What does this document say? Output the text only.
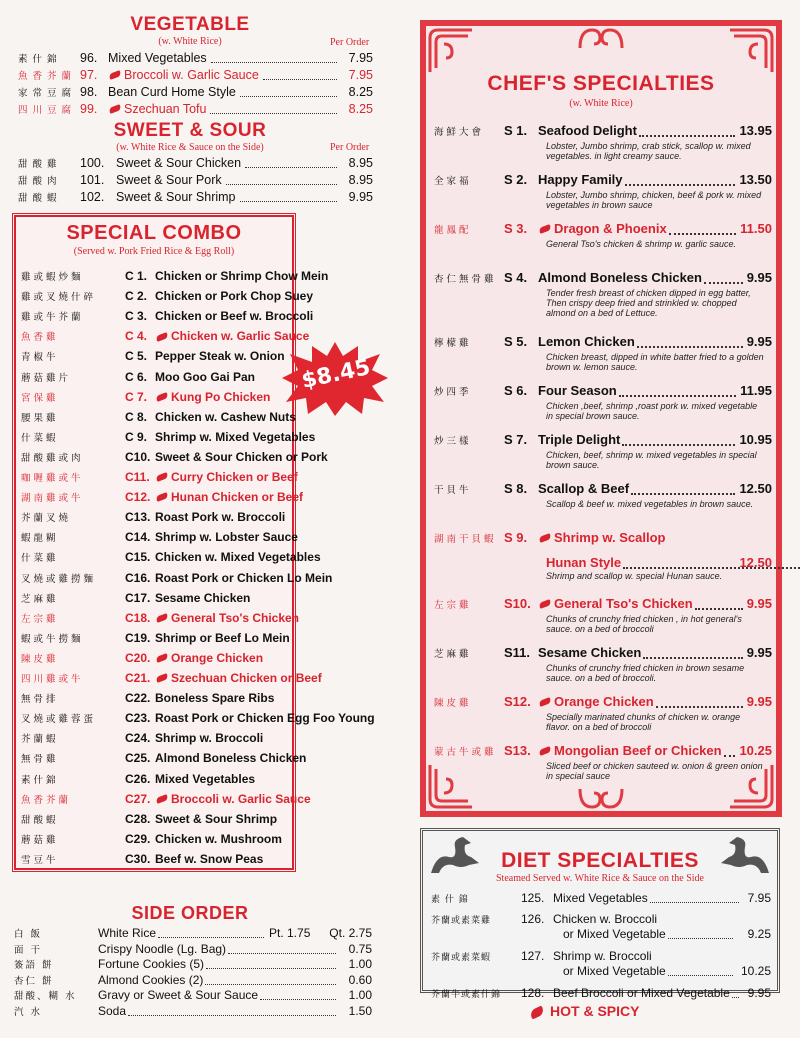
VEGETABLE
(w. White Rice)	Per Order
素什錦 96. Mixed Vegetables	7.95
魚香芥蘭 97. Broccoli w. Garlic Sauce	7.95
家常豆腐 98. Bean Curd Home Style	8.25
四川豆腐 99. Szechuan Tofu	8.25
SWEET & SOUR
(w. White Rice & Sauce on the Side)	Per Order
甜酸雞 100. Sweet & Sour Chicken	8.95
甜酸肉 101. Sweet & Sour Pork	8.95
甜酸蝦 102. Sweet & Sour Shrimp	9.95
SPECIAL COMBO
(Served w. Pork Fried Rice & Egg Roll)
雞或蝦炒麵	C 1. Chicken or Shrimp Chow Mein
雞或叉燒什碎 C 2. Chicken or Pork Chop Suey
雞或牛芥蘭	C 3. Chicken or Beef w. Broccoli
魚香雞	C 4. Chicken w. Garlic Sauce
青椒牛	C 5. Pepper Steak w. Onion
蘑菇雞片	C 6. Moo Goo Gai Pan
宮保雞	C 7. Kung Po Chicken
腰果雞	C 8. Chicken w. Cashew Nuts
什菜蝦	C 9. Shrimp w. Mixed Vegetables
甜酸雞或肉	C10. Sweet & Sour Chicken or Pork
咖喱雞或牛	C11. Curry Chicken or Beef
湖南雞或牛	C12. Hunan Chicken or Beef
芥蘭叉燒	C13. Roast Pork w. Broccoli
蝦龍糊	C14. Shrimp w. Lobster Sauce
什菜雞	C15. Chicken w. Mixed Vegetables
叉燒或雞撈麵 C16. Roast Pork or Chicken Lo Mein
芝麻雞	C17. Sesame Chicken
左宗雞	C18. General Tso's Chicken
蝦或牛撈麵	C19. Shrimp or Beef Lo Mein
陳皮雞	C20. Orange Chicken
四川雞或牛	C21. Szechuan Chicken or Beef
無骨排	C22. Boneless Spare Ribs
叉燒或雞蓉蛋 C23. Roast Pork or Chicken Egg Foo Young
芥蘭蝦	C24. Shrimp w. Broccoli
無骨雞	C25. Almond Boneless Chicken
素什錦	C26. Mixed Vegetables
魚香芥蘭	C27. Broccoli w. Garlic Sauce
甜酸蝦	C28. Sweet & Sour Shrimp
蘑菇雞	C29. Chicken w. Mushroom
雪豆牛	C30. Beef w. Snow Peas
$8.45
SIDE ORDER
白 飯	White Rice	Pt. 1.75 Qt. 2.75
面 干	Crispy Noodle (Lg. Bag)	0.75
簽語 餅	Fortune Cookies (5)	1.00
杏仁 餅	Almond Cookies (2)	0.60
甜酸、糊 水 Gravy or Sweet & Sour Sauce	1.00
汽 水	Soda	1.50
CHEF'S SPECIALTIES
(w. White Rice)
海鮮大會 S 1. Seafood Delight	13.95
Lobster, Jumbo shrimp, crab stick, scallop w. mixed vegetables. in light creamy sauce.
全家福 S 2. Happy Family	13.50
Lobster, Jumbo shrimp, chicken, beef & pork w. mixed vegetables in brown sauce
龍鳳配 S 3. Dragon & Phoenix	11.50
General Tso's chicken & shrimp w. garlic sauce.
杏仁無骨雞 S 4. Almond Boneless Chicken	9.95
Tender fresh breast of chicken dipped in egg batter, Then crispy deep fried and strinkled w. chopped almond on a bed of Lettuce.
檸檬雞 S 5. Lemon Chicken	9.95
Chicken breast, dipped in white batter fried to a golden brown w. lemon sauce.
炒四季 S 6. Four Season	11.95
Chicken ,beef, shrimp ,roast pork w. mixed vegetable in special brown sauce.
炒三樣 S 7. Triple Delight	10.95
Chicken, beef, shrimp w. mixed vegetables in special brown sauce.
干貝牛 S 8. Scallop & Beef	12.50
Scallop & beef w. mixed vegetables in brown sauce.
湖南干貝蝦 S 9. Shrimp w. Scallop
Hunan Style	12.50
Shrimp and scallop w. special Hunan sauce.
左宗雞 S10. General Tso's Chicken	9.95
Chunks of crunchy fried chicken , in hot general's sauce. on a bed of broccoli
芝麻雞 S11. Sesame Chicken	9.95
Chunks of crunchy fried chicken in brown sesame sauce. on a bed of broccoli.
陳皮雞 S12. Orange Chicken	9.95
Specially marinated chunks of chicken w. orange flavor. on a bed of broccoli
蒙古牛或雞 S13. Mongolian Beef or Chicken 10.25
Sliced beef or chicken sauteed w. onion & green onion in special sauce
DIET SPECIALTIES
Steamed Served w. White Rice & Sauce on the Side
素 什 錦	125. Mixed Vegetables	7.95
芥蘭或素菜雞 126. Chicken w. Broccoli
or Mixed Vegetable	9.25
芥蘭或素菜蝦 127. Shrimp w. Broccoli
or Mixed Vegetable	10.25
芥蘭牛或素什錦 128. Beef Broccoli or Mixed Vegetable 9.95
HOT & SPICY
